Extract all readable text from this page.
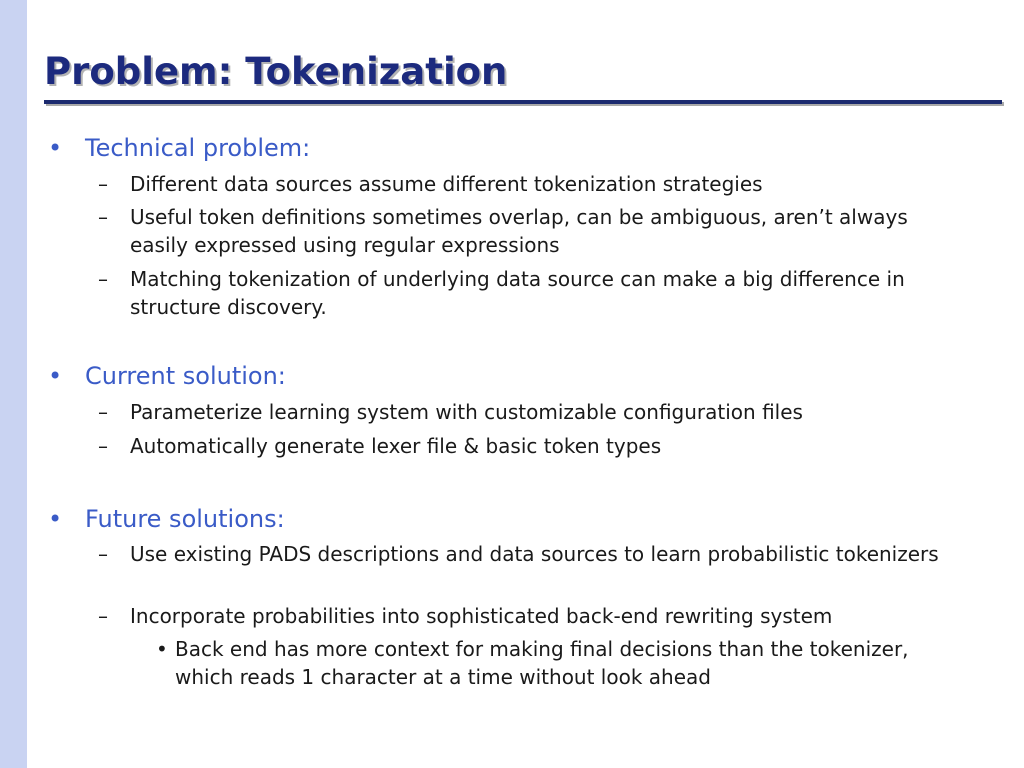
Problem: Tokenization
• Technical problem:
– Different data sources assume different tokenization strategies
– Useful token definitions sometimes overlap, can be ambiguous, aren’t always easily expressed using regular expressions
– Matching tokenization of underlying data source can make a big difference in structure discovery.
• Current solution:
– Parameterize learning system with customizable configuration files
– Automatically generate lexer file & basic token types
• Future solutions:
– Use existing PADS descriptions and data sources to learn probabilistic tokenizers
– Incorporate probabilities into sophisticated back-end rewriting system
• Back end has more context for making final decisions than the tokenizer, which reads 1 character at a time without look ahead
